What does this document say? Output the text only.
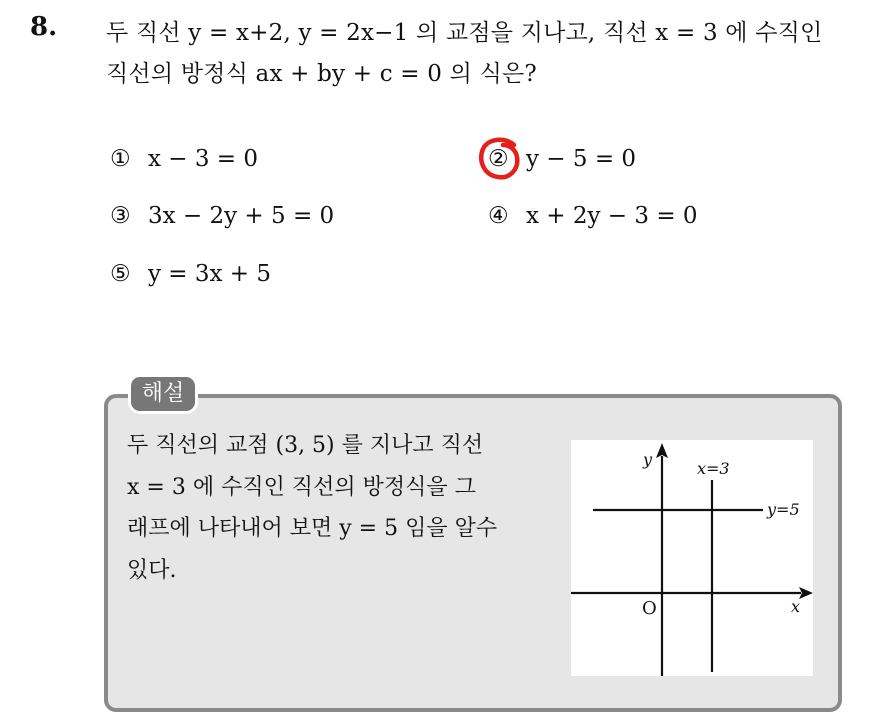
8. 두 직선 y = x+2, y = 2x−1 의 교점을 지나고, 직선 x = 3 에 수직인
직선의 방정식 ax + by + c = 0 의 식은?
① x − 3 = 0	② y − 5 = 0
③ 3x − 2y + 5 = 0	④ x + 2y − 3 = 0
⑤ y = 3x + 5
해설
두 직선의 교점 (3, 5) 를 지나고 직선
x = 3 에 수직인 직선의 방정식을 그
래프에 나타내어 보면 y = 5 임을 알수
있다.
y
x
O
x=3
y=5
